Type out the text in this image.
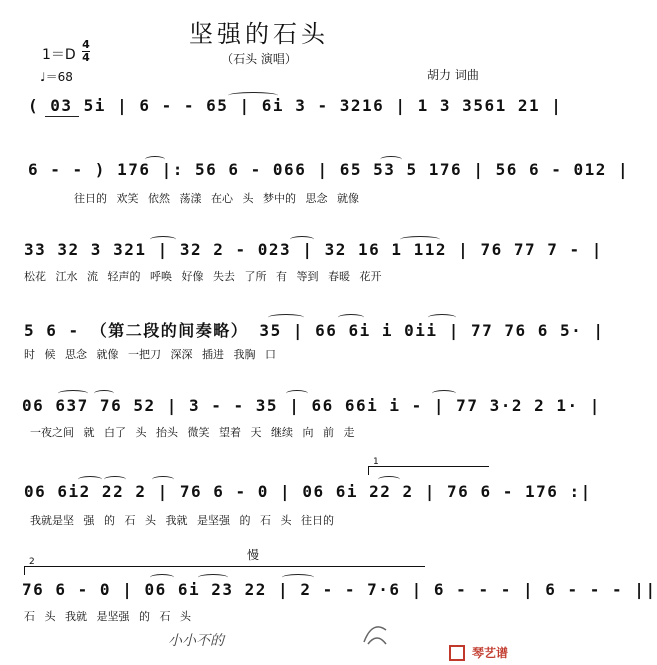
坚强的石头
（石头 演唱）
1＝D
4
4
♩＝68	胡力 词曲
( 03 5i | 6 - - 65 | 6i 3 - 3216 | 1 3 3561 21 |
6 - - ) 176 |: 56 6 - 066 | 65 53 5 176 | 56 6 - 012 |
往日的 欢笑 依然 荡漾 在心 头 梦中的 思念 就像
33 32 3 321 | 32 2 - 023 | 32 16 1 112 | 76 77 7 - |
松花 江水 流 轻声的 呼唤 好像 失去 了所 有 等到 春暖 花开
5 6 - （第二段的间奏略） 35 | 66 6i i 0ii | 77 76 6 5· |
时 候 思念 就像 一把刀 深深 插进 我胸 口
06 637 76 52 | 3 - - 35 | 66 66i i - | 77 3·2 2 1· |
一夜之间 就 白了 头 抬头 微笑 望着 天 继续 向 前 走
1
06 6i2 22 2 | 76 6 - 0 | 06 6i 22 2 | 76 6 - 176 :|
我就是坚 强 的 石 头 我就 是坚强 的 石 头 往日的
2	慢
76 6 - 0 | 06 6i 23 22 | 2 - - 7·6 | 6 - - - | 6 - - - ||
石 头 我就 是坚强 的 石 头
小小不的
琴艺谱
